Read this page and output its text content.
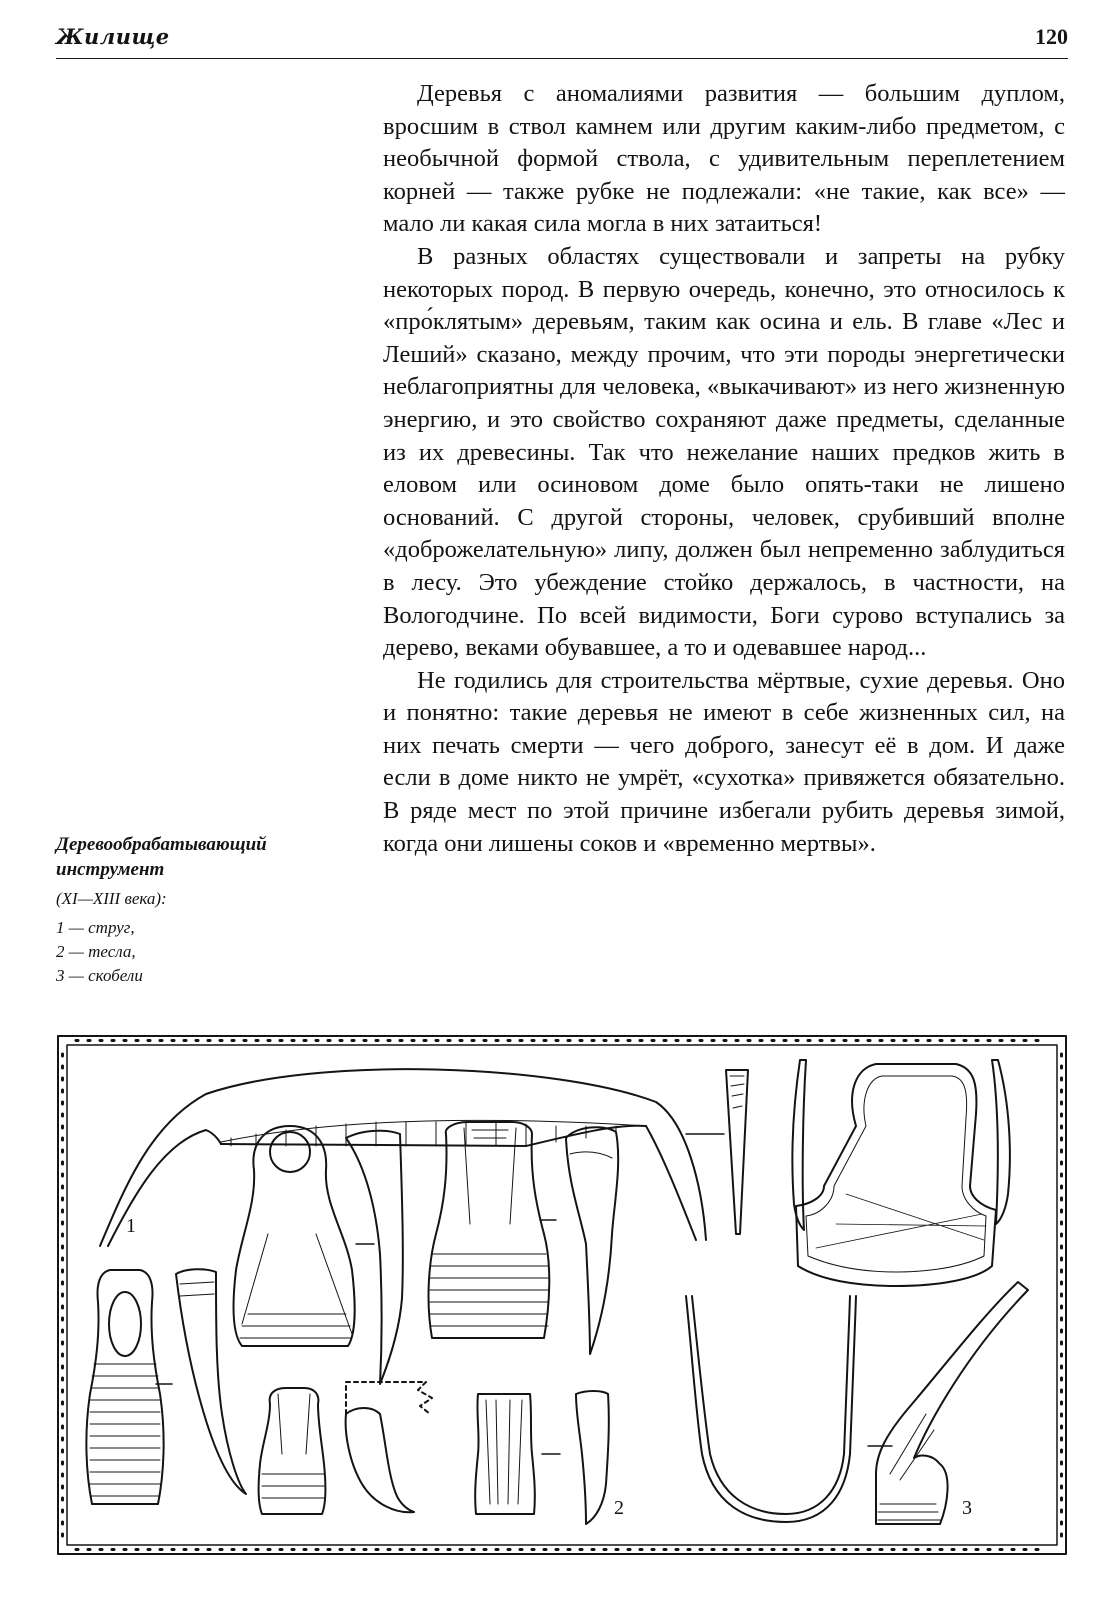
Жилище	120

Деревья с аномалиями развития — большим дуплом, вросшим в ствол камнем или другим каким-либо предметом, с необычной формой ствола, с удивительным переплетением корней — также рубке не подлежали: «не такие, как все» — мало ли какая сила могла в них затаиться!

В разных областях существовали и запреты на рубку некоторых пород. В первую очередь, конечно, это относилось к «про́клятым» деревьям, таким как осина и ель. В главе «Лес и Леший» сказано, между прочим, что эти породы энергетически неблагоприятны для человека, «выкачивают» из него жизненную энергию, и это свойство сохраняют даже предметы, сделанные из их древесины. Так что нежелание наших предков жить в еловом или осиновом доме было опять-таки не лишено оснований. С другой стороны, человек, срубивший вполне «доброжелательную» липу, должен был непременно заблудиться в лесу. Это убеждение стойко держалось, в частности, на Вологодчине. По всей видимости, Боги сурово вступались за дерево, веками обувавшее, а то и одевавшее народ...

Не годились для строительства мёртвые, сухие деревья. Оно и понятно: такие деревья не имеют в себе жизненных сил, на них печать смерти — чего доброго, занесут её в дом. И даже если в доме никто не умрёт, «сухотка» привяжется обязательно. В ряде мест по этой причине избегали рубить деревья зимой, когда они лишены соков и «временно мертвы».

Деревообрабатывающий инструмент
(XI—XIII века):
1 — струг,
2 — тесла,
3 — скобели
1
2	3
